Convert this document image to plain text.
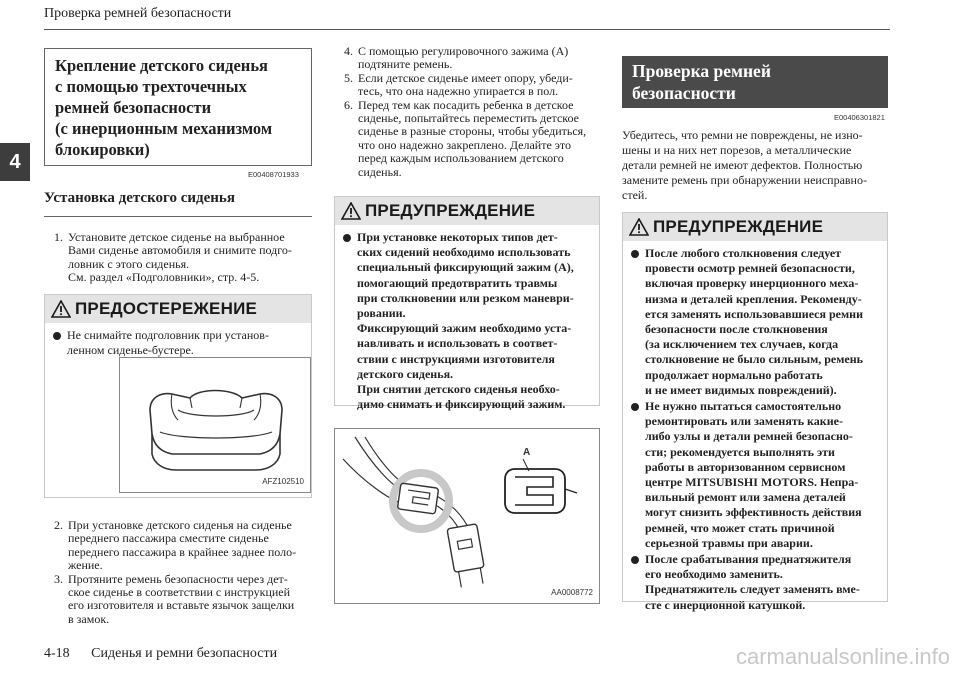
Проверка ремней безопасности
4
Крепление детского сиденья
с помощью трехточечных
ремней безопасности
(с инерционным механизмом
блокировки)
E00408701933
Установка детского сиденья
1. Установите детское сиденье на выбранное
Вами сиденье автомобиля и снимите подго-
ловник с этого сиденья.
См. раздел «Подголовники», стр. 4-5.
ПРЕДОСТЕРЕЖЕНИЕ
Не снимайте подголовник при установ-
ленном сиденье-бустере.
AFZ102510
2. При установке детского сиденья на сиденье
переднего пассажира сместите сиденье
переднего пассажира в крайнее заднее поло-
жение.
3. Протяните ремень безопасности через дет-
ское сиденье в соответствии с инструкцией
его изготовителя и вставьте язычок защелки
в замок.
4. С помощью регулировочного зажима (А)
подтяните ремень.
5. Если детское сиденье имеет опору, убеди-
тесь, что она надежно упирается в пол.
6. Перед тем как посадить ребенка в детское
сиденье, попытайтесь переместить детское
сиденье в разные стороны, чтобы убедиться,
что оно надежно закреплено. Делайте это
перед каждым использованием детского
сиденья.
ПРЕДУПРЕЖДЕНИЕ
При установке некоторых типов дет-
ских сидений необходимо использовать
специальный фиксирующий зажим (А),
помогающий предотвратить травмы
при столкновении или резком маневри-
ровании.
Фиксирующий зажим необходимо уста-
навливать и использовать в соответ-
ствии с инструкциями изготовителя
детского сиденья.
При снятии детского сиденья необхо-
димо снимать и фиксирующий зажим.
A
AA0008772
Проверка ремней
безопасности
E00406301821
Убедитесь, что ремни не повреждены, не изно-
шены и на них нет порезов, а металлические
детали ремней не имеют дефектов. Полностью
замените ремень при обнаружении неисправно-
стей.
ПРЕДУПРЕЖДЕНИЕ
После любого столкновения следует
провести осмотр ремней безопасности,
включая проверку инерционного меха-
низма и деталей крепления. Рекоменду-
ется заменять использовавшиеся ремни
безопасности после столкновения
(за исключением тех случаев, когда
столкновение не было сильным, ремень
продолжает нормально работать
и не имеет видимых повреждений).
Не нужно пытаться самостоятельно
ремонтировать или заменять какие-
либо узлы и детали ремней безопасно-
сти; рекомендуется выполнять эти
работы в авторизованном сервисном
центре MITSUBISHI MOTORS. Непра-
вильный ремонт или замена деталей
могут снизить эффективность действия
ремней, что может стать причиной
серьезной травмы при аварии.
После срабатывания преднатяжителя
его необходимо заменить.
Преднатяжитель следует заменять вме-
сте с инерционной катушкой.
4-18 Сиденья и ремни безопасности	carmanualsonline.info
